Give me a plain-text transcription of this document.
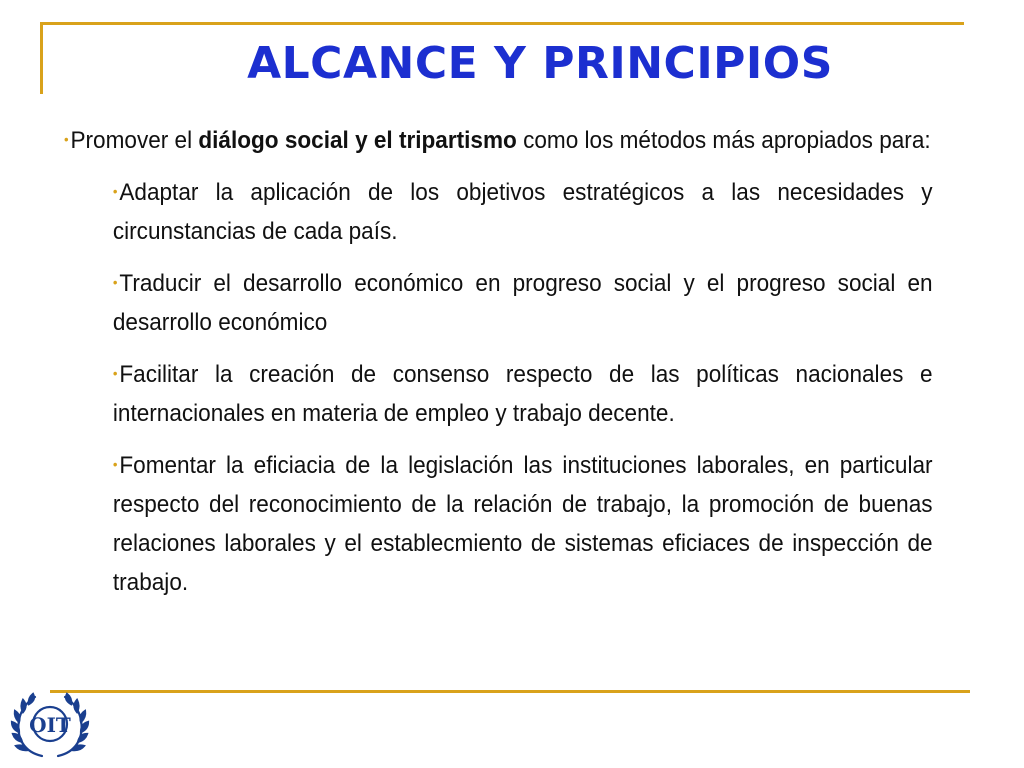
ALCANCE Y PRINCIPIOS

•Promover el diálogo social y el tripartismo como los métodos más apropiados para:

•Adaptar la aplicación de los objetivos estratégicos a las necesidades y circunstancias de cada país.

•Traducir el desarrollo económico en progreso social y el progreso social en desarrollo económico

•Facilitar la creación de consenso respecto de las políticas nacionales e internacionales en materia de empleo y trabajo decente.

•Fomentar la eficiacia de la legislación las instituciones laborales, en particular respecto del reconocimiento de la relación de trabajo, la promoción de buenas relaciones laborales y el establecmiento de sistemas eficiaces de inspección de trabajo.

OIT
